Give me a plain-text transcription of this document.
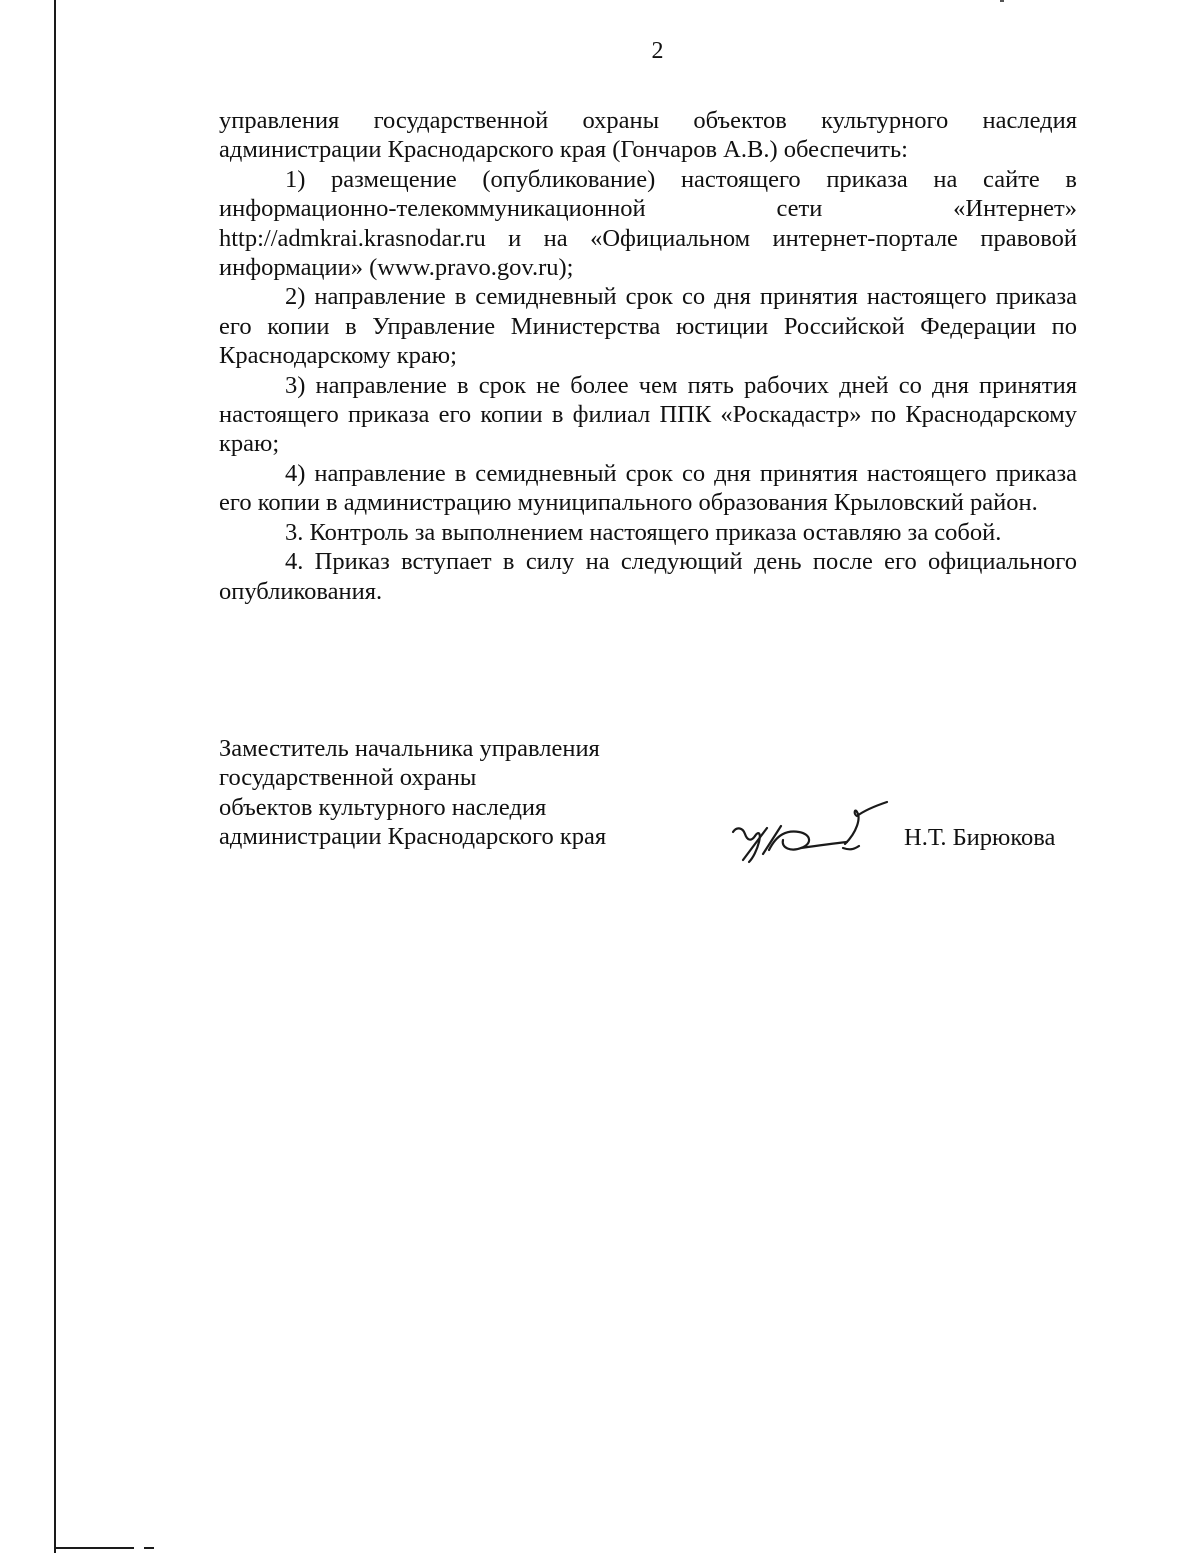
2

управления государственной охраны объектов культурного наследия администрации Краснодарского края (Гончаров А.В.) обеспечить:

1) размещение (опубликование) настоящего приказа на сайте в информационно-телекоммуникационной сети «Интернет» http://admkrai.krasnodar.ru и на «Официальном интернет-портале правовой информации» (www.pravo.gov.ru);

2) направление в семидневный срок со дня принятия настоящего приказа его копии в Управление Министерства юстиции Российской Федерации по Краснодарскому краю;

3) направление в срок не более чем пять рабочих дней со дня принятия настоящего приказа его копии в филиал ППК «Роскадастр» по Краснодарскому краю;

4) направление в семидневный срок со дня принятия настоящего приказа его копии в администрацию муниципального образования Крыловский район.

3. Контроль за выполнением настоящего приказа оставляю за собой.

4. Приказ вступает в силу на следующий день после его официального опубликования.

Заместитель начальника управления
государственной охраны
объектов культурного наследия
администрации Краснодарского края	Н.Т. Бирюкова
